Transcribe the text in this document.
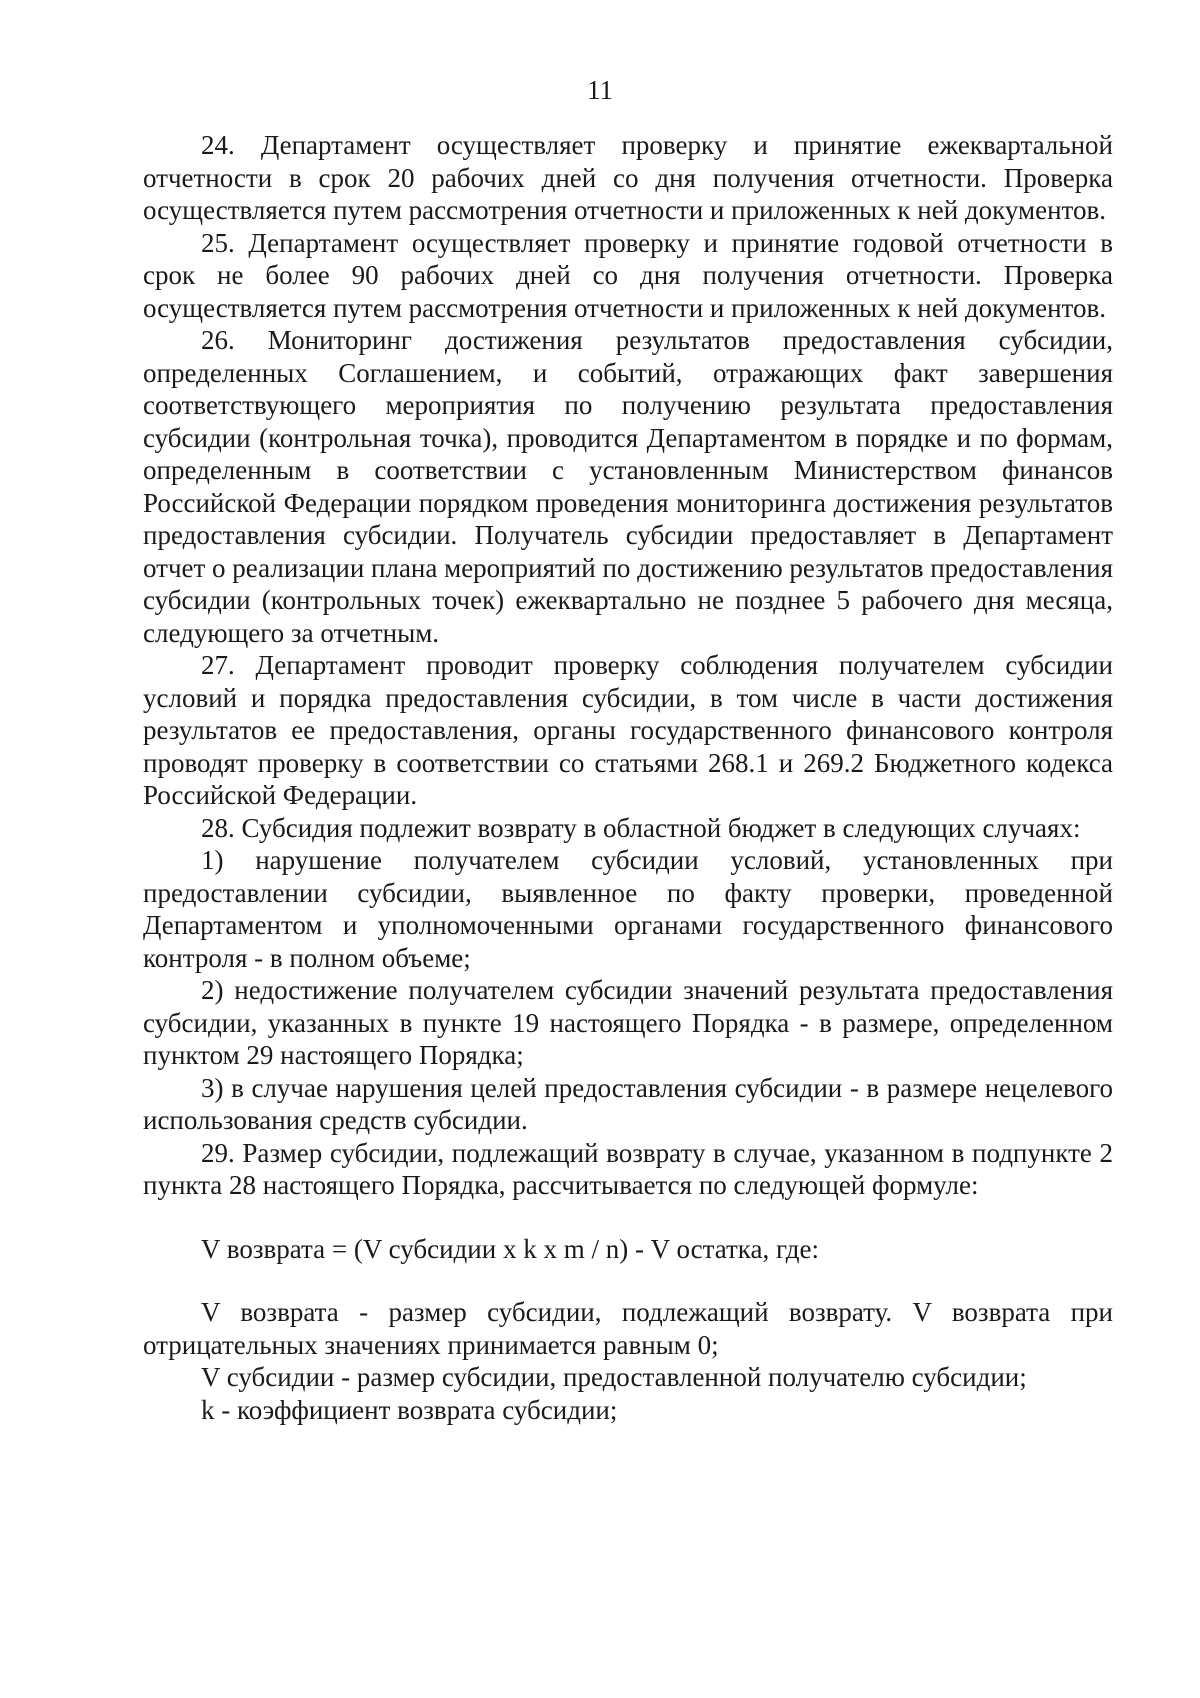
11

24. Департамент осуществляет проверку и принятие ежеквартальной отчетности в срок 20 рабочих дней со дня получения отчетности. Проверка осуществляется путем рассмотрения отчетности и приложенных к ней документов.

25. Департамент осуществляет проверку и принятие годовой отчетности в срок не более 90 рабочих дней со дня получения отчетности. Проверка осуществляется путем рассмотрения отчетности и приложенных к ней документов.

26. Мониторинг достижения результатов предоставления субсидии, определенных Соглашением, и событий, отражающих факт завершения соответствующего мероприятия по получению результата предоставления субсидии (контрольная точка), проводится Департаментом в порядке и по формам, определенным в соответствии с установленным Министерством финансов Российской Федерации порядком проведения мониторинга достижения результатов предоставления субсидии. Получатель субсидии предоставляет в Департамент отчет о реализации плана мероприятий по достижению результатов предоставления субсидии (контрольных точек) ежеквартально не позднее 5 рабочего дня месяца, следующего за отчетным.

27. Департамент проводит проверку соблюдения получателем субсидии условий и порядка предоставления субсидии, в том числе в части достижения результатов ее предоставления, органы государственного финансового контроля проводят проверку в соответствии со статьями 268.1 и 269.2 Бюджетного кодекса Российской Федерации.

28. Субсидия подлежит возврату в областной бюджет в следующих случаях:

1) нарушение получателем субсидии условий, установленных при предоставлении субсидии, выявленное по факту проверки, проведенной Департаментом и уполномоченными органами государственного финансового контроля - в полном объеме;

2) недостижение получателем субсидии значений результата предоставления субсидии, указанных в пункте 19 настоящего Порядка - в размере, определенном пунктом 29 настоящего Порядка;

3) в случае нарушения целей предоставления субсидии - в размере нецелевого использования средств субсидии.

29. Размер субсидии, подлежащий возврату в случае, указанном в подпункте 2 пункта 28 настоящего Порядка, рассчитывается по следующей формуле:

V возврата = (V субсидии x k x m / n) - V остатка, где:

V возврата - размер субсидии, подлежащий возврату. V возврата при отрицательных значениях принимается равным 0;

V субсидии - размер субсидии, предоставленной получателю субсидии;

k - коэффициент возврата субсидии;
